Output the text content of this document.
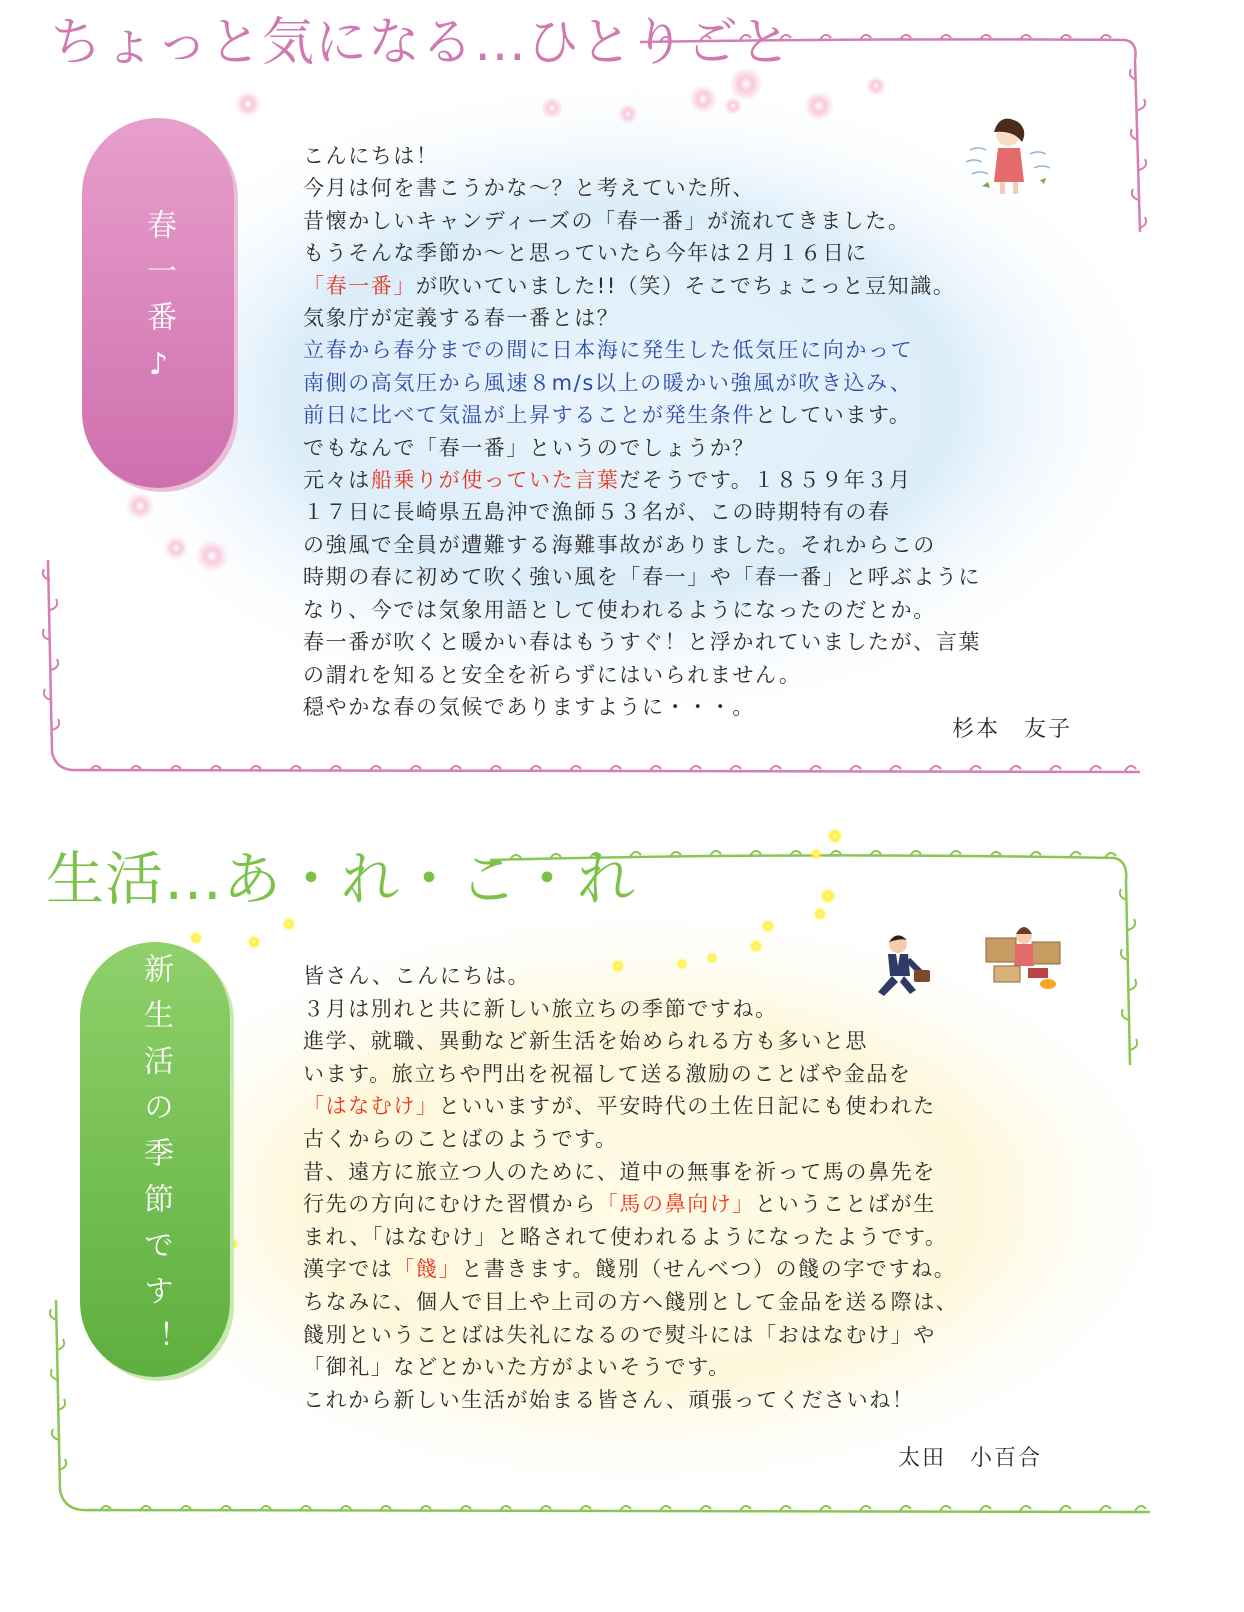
ちょっと気になる…ひとりごと
春一番♪
こんにちは！
今月は何を書こうかな～？と考えていた所、
昔懐かしいキャンディーズの「春一番」が流れてきました。
もうそんな季節か～と思っていたら今年は２月１６日に
「春一番」が吹いていました!!（笑）そこでちょこっと豆知識。
気象庁が定義する春一番とは？
立春から春分までの間に日本海に発生した低気圧に向かって
南側の高気圧から風速８m/s以上の暖かい強風が吹き込み、
前日に比べて気温が上昇することが発生条件としています。
でもなんで「春一番」というのでしょうか？
元々は船乗りが使っていた言葉だそうです。１８５９年３月
１７日に長崎県五島沖で漁師５３名が、この時期特有の春
の強風で全員が遭難する海難事故がありました。それからこの
時期の春に初めて吹く強い風を「春一」や「春一番」と呼ぶように
なり、今では気象用語として使われるようになったのだとか。
春一番が吹くと暖かい春はもうすぐ！と浮かれていましたが、言葉
の謂れを知ると安全を祈らずにはいられません。
穏やかな春の気候でありますように・・・。
杉本　友子
生活…あ・れ・こ・れ
新生活の季節です！	皆さん、こんにちは。
３月は別れと共に新しい旅立ちの季節ですね。
進学、就職、異動など新生活を始められる方も多いと思
います。旅立ちや門出を祝福して送る激励のことばや金品を
「はなむけ」といいますが、平安時代の土佐日記にも使われた
古くからのことばのようです。
昔、遠方に旅立つ人のために、道中の無事を祈って馬の鼻先を
行先の方向にむけた習慣から「馬の鼻向け」ということばが生
まれ、「はなむけ」と略されて使われるようになったようです。
漢字では「餞」と書きます。餞別（せんべつ）の餞の字ですね。
ちなみに、個人で目上や上司の方へ餞別として金品を送る際は、
餞別ということばは失礼になるので熨斗には「おはなむけ」や
「御礼」などとかいた方がよいそうです。
これから新しい生活が始まる皆さん、頑張ってくださいね！
太田　小百合
